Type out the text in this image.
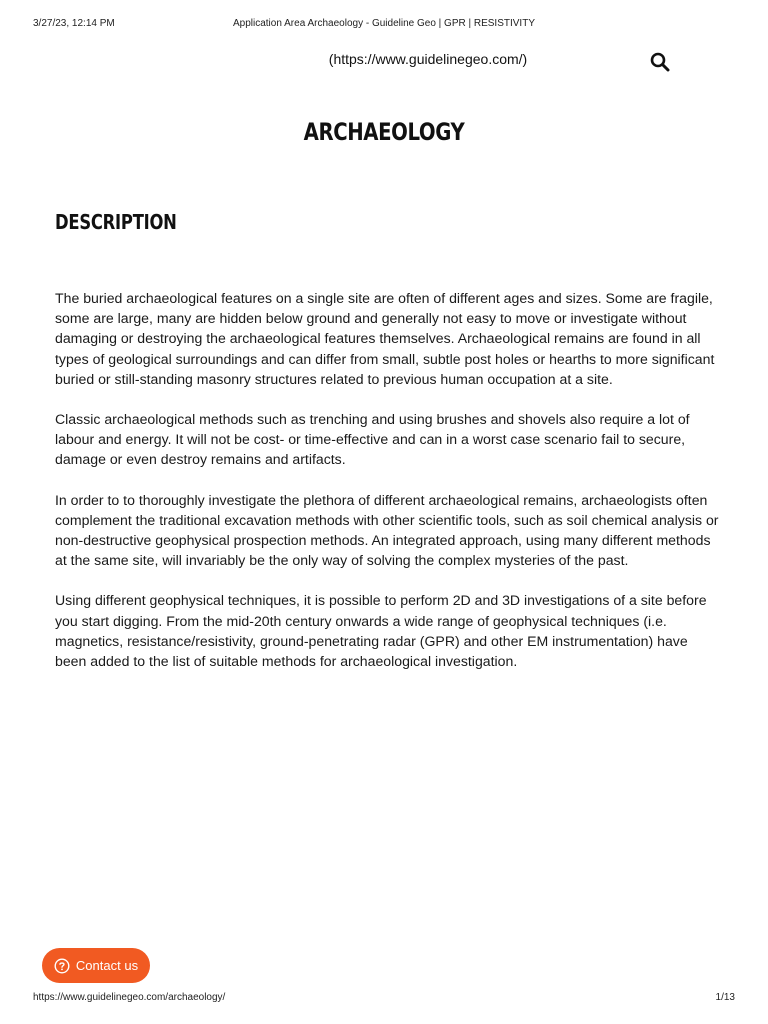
3/27/23, 12:14 PM	Application Area Archaeology - Guideline Geo | GPR | RESISTIVITY
(https://www.guidelinegeo.com/)
ARCHAEOLOGY
DESCRIPTION

The buried archaeological features on a single site are often of different ages and sizes. Some are fragile, some are large, many are hidden below ground and generally not easy to move or investigate without damaging or destroying the archaeological features themselves. Archaeological remains are found in all types of geological surroundings and can differ from small, subtle post holes or hearths to more significant buried or still-standing masonry structures related to previous human occupation at a site.

Classic archaeological methods such as trenching and using brushes and shovels also require a lot of labour and energy. It will not be cost- or time-effective and can in a worst case scenario fail to secure, damage or even destroy remains and artifacts.

In order to to thoroughly investigate the plethora of different archaeological remains, archaeologists often complement the traditional excavation methods with other scientific tools, such as soil chemical analysis or non-destructive geophysical prospection methods. An integrated approach, using many different methods at the same site, will invariably be the only way of solving the complex mysteries of the past.

Using different geophysical techniques, it is possible to perform 2D and 3D investigations of a site before you start digging. From the mid-20th century onwards a wide range of geophysical techniques (i.e. magnetics, resistance/resistivity, ground-penetrating radar (GPR) and other EM instrumentation) have been added to the list of suitable methods for archaeological investigation.

Contact us
https://www.guidelinegeo.com/archaeology/	1/13
